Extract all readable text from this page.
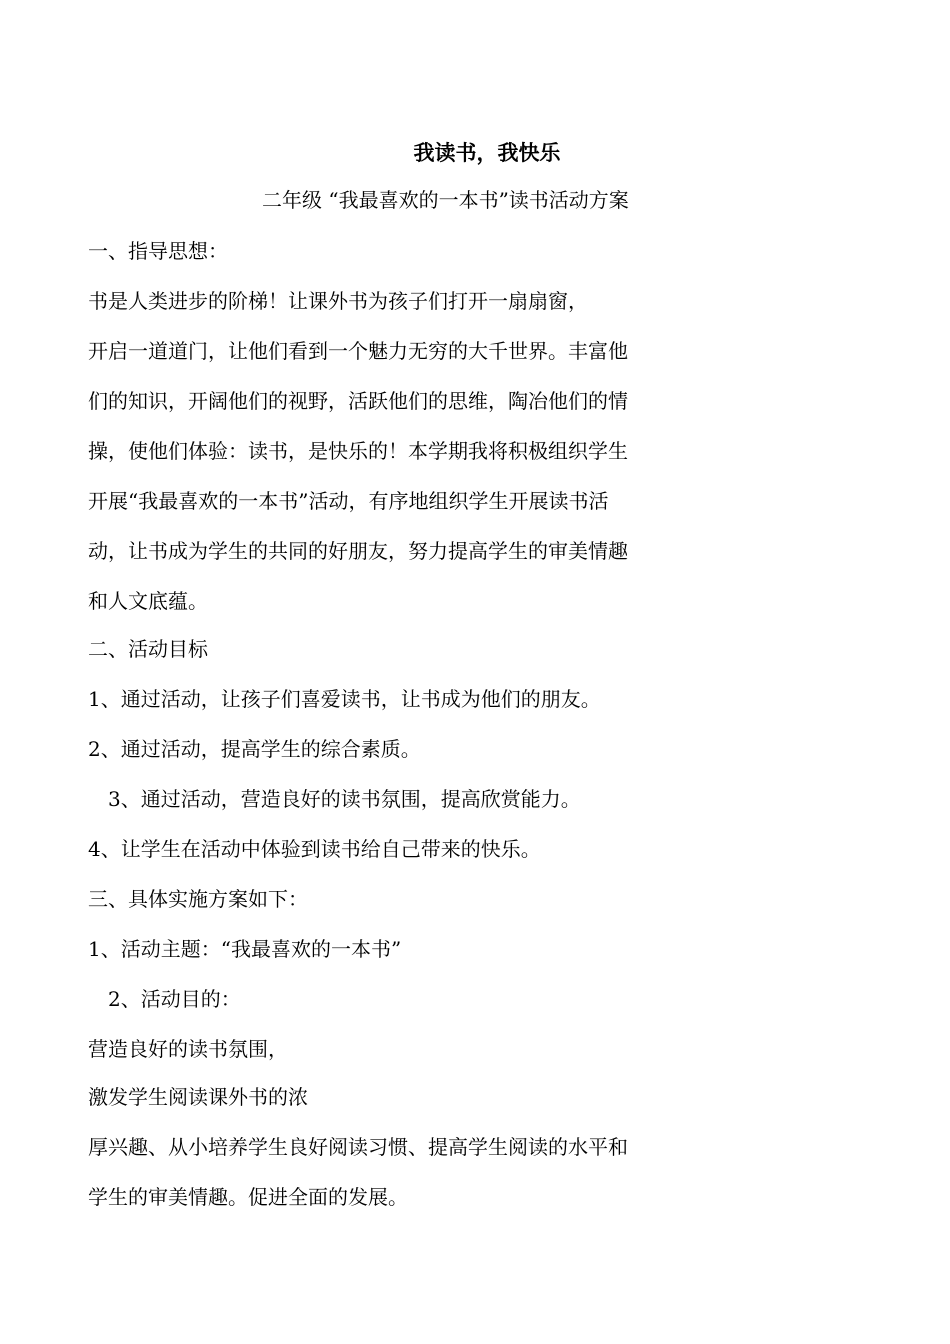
我读书，我快乐
二年级 “我最喜欢的一本书”读书活动方案
一、指导思想：
书是人类进步的阶梯！让课外书为孩子们打开一扇扇窗，
开启一道道门，让他们看到一个魅力无穷的大千世界。丰富他
们的知识，开阔他们的视野，活跃他们的思维，陶冶他们的情
操，使他们体验：读书，是快乐的！本学期我将积极组织学生
开展“我最喜欢的一本书”活动，有序地组织学生开展读书活
动，让书成为学生的共同的好朋友，努力提高学生的审美情趣
和人文底蕴。
二、活动目标
1、通过活动，让孩子们喜爱读书，让书成为他们的朋友。
2、通过活动，提高学生的综合素质。
3、通过活动，营造良好的读书氛围，提高欣赏能力。
4、让学生在活动中体验到读书给自己带来的快乐。
三、具体实施方案如下：
1、活动主题：“我最喜欢的一本书”
2、活动目的：
营造良好的读书氛围，
激发学生阅读课外书的浓
厚兴趣、从小培养学生良好阅读习惯、提高学生阅读的水平和
学生的审美情趣。促进全面的发展。
